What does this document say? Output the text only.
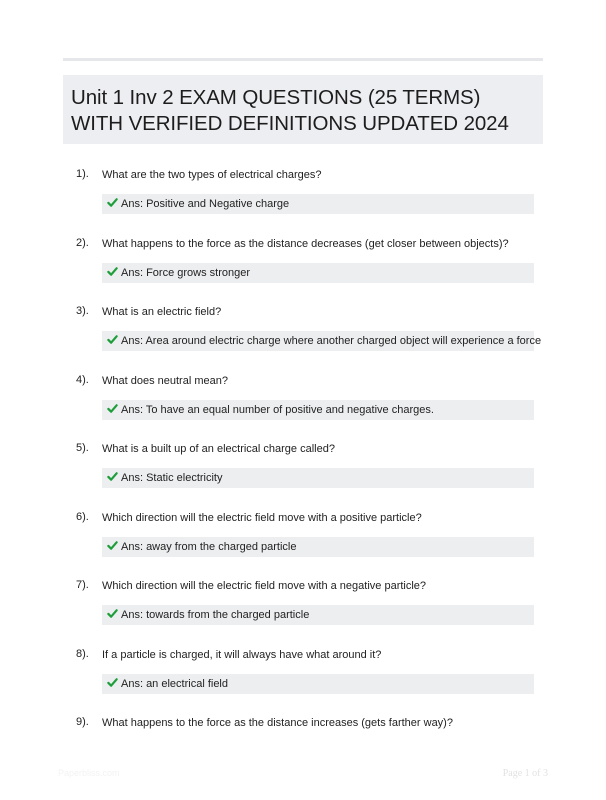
Unit 1 Inv 2 EXAM QUESTIONS (25 TERMS)
WITH VERIFIED DEFINITIONS UPDATED 2024
1). What are the two types of electrical charges?
Ans: Positive and Negative charge
2). What happens to the force as the distance decreases (get closer between objects)?
Ans: Force grows stronger
3). What is an electric field?
Ans: Area around electric charge where another charged object will experience a force
4). What does neutral mean?
Ans: To have an equal number of positive and negative charges.
5). What is a built up of an electrical charge called?
Ans: Static electricity
6). Which direction will the electric field move with a positive particle?
Ans: away from the charged particle
7). Which direction will the electric field move with a negative particle?
Ans: towards from the charged particle
8). If a particle is charged, it will always have what around it?
Ans: an electrical field
9). What happens to the force as the distance increases (gets farther way)?
Paperbliss.com	Page 1 of 3
